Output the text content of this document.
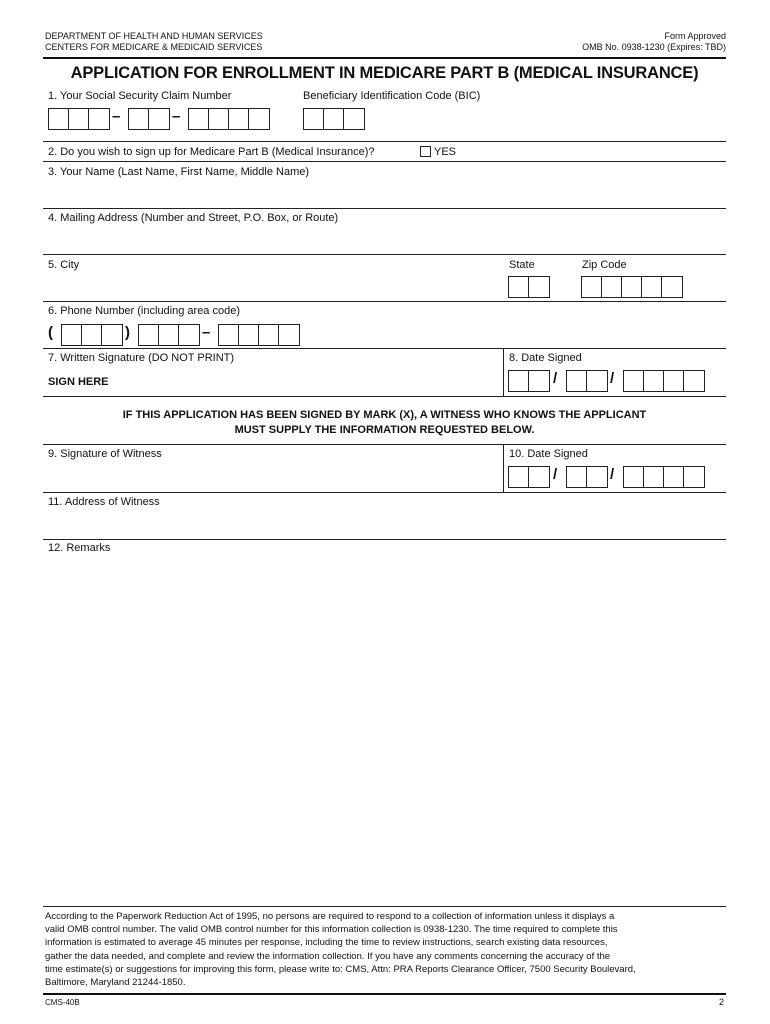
DEPARTMENT OF HEALTH AND HUMAN SERVICES
CENTERS FOR MEDICARE & MEDICAID SERVICES
Form Approved
OMB No. 0938-1230 (Expires: TBD)
APPLICATION FOR ENROLLMENT IN MEDICARE PART B (MEDICAL INSURANCE)
1. Your Social Security Claim Number	Beneficiary Identification Code (BIC)
–	–
2. Do you wish to sign up for Medicare Part B (Medical Insurance)?	YES
3. Your Name (Last Name, First Name, Middle Name)
4. Mailing Address (Number and Street, P.O. Box, or Route)
5. City	State	Zip Code
6. Phone Number (including area code)
(	)	–
7. Written Signature (DO NOT PRINT)	8. Date Signed
SIGN HERE	/	/
IF THIS APPLICATION HAS BEEN SIGNED BY MARK (X), A WITNESS WHO KNOWS THE APPLICANT
MUST SUPPLY THE INFORMATION REQUESTED BELOW.
9. Signature of Witness	10. Date Signed
/	/
11. Address of Witness
12. Remarks
According to the Paperwork Reduction Act of 1995, no persons are required to respond to a collection of information unless it displays a
valid OMB control number. The valid OMB control number for this information collection is 0938-1230. The time required to complete this
information is estimated to average 45 minutes per response, including the time to review instructions, search existing data resources,
gather the data needed, and complete and review the information collection. If you have any comments concerning the accuracy of the
time estimate(s) or suggestions for improving this form, please write to: CMS, Attn: PRA Reports Clearance Officer, 7500 Security Boulevard,
Baltimore, Maryland 21244-1850.
CMS-40B	2
